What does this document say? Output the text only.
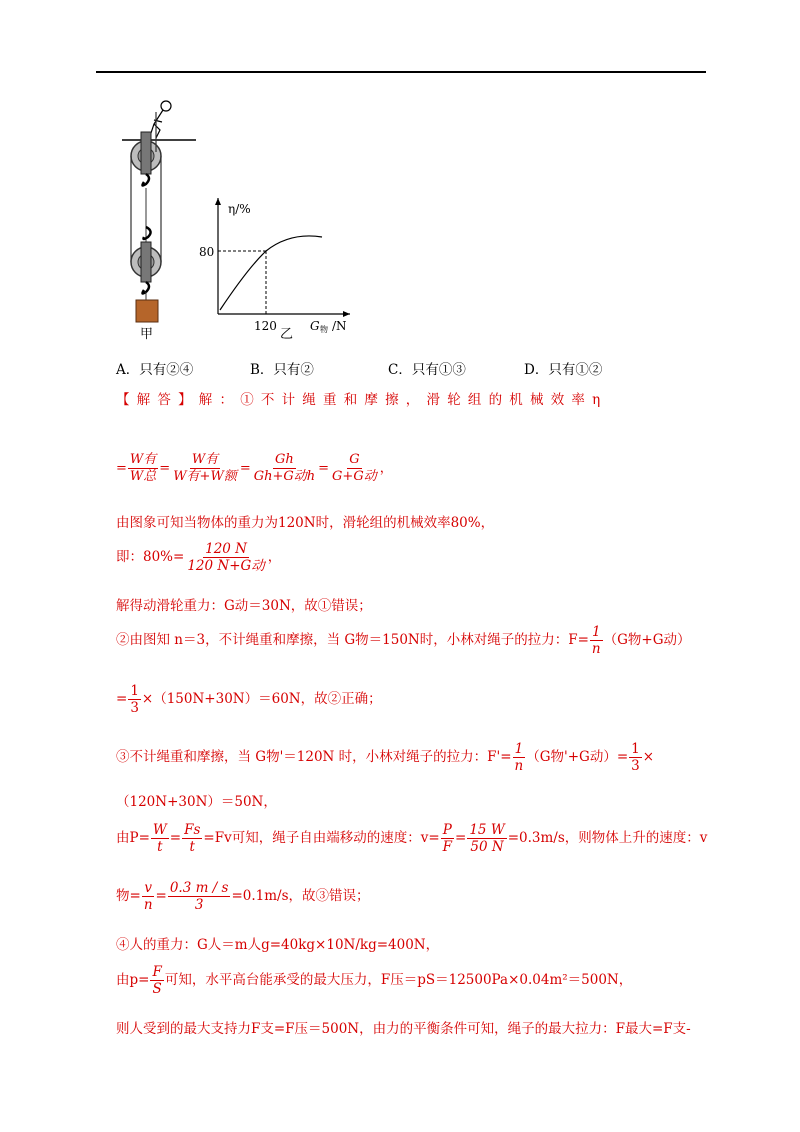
甲
η/%
80
120
乙
G 物 /N
A．只有②④	B．只有②	C．只有①③	D．只有①②
【解答】解：①不计绳重和摩擦，滑轮组的机械效率η
= $\frac{\text{W有}}{\text{W总}} = \frac{\text{W有}}{\text{W有+W额}} = \frac{Gh}{\text{Gh+G动h}} = \frac{G}{\text{G+G动}}$ ，
由图象可知当物体的重力为120N时，滑轮组的机械效率80%，
即：$80\%= \frac{120 N}{\text{120 N+G动}}$ ，
解得动滑轮重力：G动＝30N，故①错误；
②由图知 n＝3，不计绳重和摩擦，当 G物＝150N时，小林对绳子的拉力：$F= \frac{1}{n} (G$物+G动）
= $\frac{1}{3} \times(150N+30N)=60N$，故②正确；
③不计绳重和摩擦，当 G物'＝120N 时，小林对绳子的拉力：$F'= \frac{1}{n} (G$物'+G动）= $\frac{1}{3}$ ×
（120N+30N）＝50N，
由$P= \frac{W}{t} = \frac{Fs}{t} =Fv$可知，绳子自由端移动的速度：$v= \frac{P}{F} = \frac{15 W}{50 N} =0.3m/s$，则物体上升的速度：v
物= $\frac{v}{n} = \frac{0.3 m / s}{3} =0.1m/s$，故③错误；
④人的重力：G人＝m人g=40kg×10N/kg=400N，
由$p= \frac{F}{S}$ 可知，水平高台能承受的最大压力，F压＝pS＝12500Pa×0.04m²＝500N，
则人受到的最大支持力F支=F压＝500N，由力的平衡条件可知，绳子的最大拉力：F最大=F支-
